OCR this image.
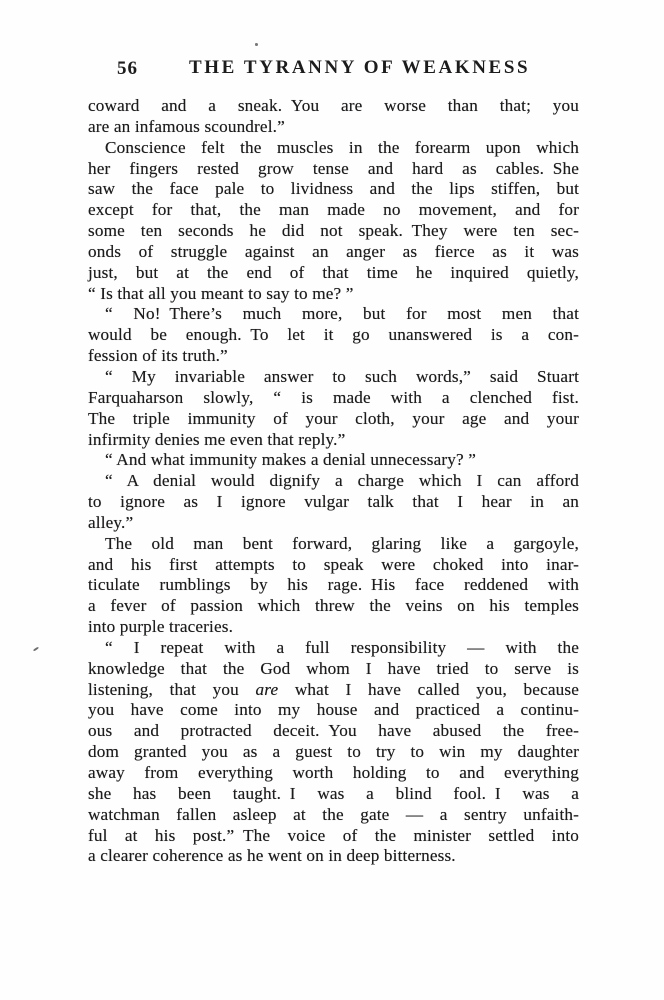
56	THE TYRANNY OF WEAKNESS
coward and a sneak. You are worse than that; you
are an infamous scoundrel.”
Conscience felt the muscles in the forearm upon which
her fingers rested grow tense and hard as cables. She
saw the face pale to lividness and the lips stiffen, but
except for that, the man made no movement, and for
some ten seconds he did not speak. They were ten sec-
onds of struggle against an anger as fierce as it was
just, but at the end of that time he inquired quietly,
“ Is that all you meant to say to me? ”
“ No! There’s much more, but for most men that
would be enough. To let it go unanswered is a con-
fession of its truth.”
“ My invariable answer to such words,” said Stuart
Farquaharson slowly, “ is made with a clenched fist.
The triple immunity of your cloth, your age and your
infirmity denies me even that reply.”
“ And what immunity makes a denial unnecessary? ”
“ A denial would dignify a charge which I can afford
to ignore as I ignore vulgar talk that I hear in an
alley.”
The old man bent forward, glaring like a gargoyle,
and his first attempts to speak were choked into inar-
ticulate rumblings by his rage. His face reddened with
a fever of passion which threw the veins on his temples
into purple traceries.
“ I repeat with a full responsibility — with the
knowledge that the God whom I have tried to serve is
listening, that you are what I have called you, because
you have come into my house and practiced a continu-
ous and protracted deceit. You have abused the free-
dom granted you as a guest to try to win my daughter
away from everything worth holding to and everything
she has been taught. I was a blind fool. I was a
watchman fallen asleep at the gate — a sentry unfaith-
ful at his post.” The voice of the minister settled into
a clearer coherence as he went on in deep bitterness.
